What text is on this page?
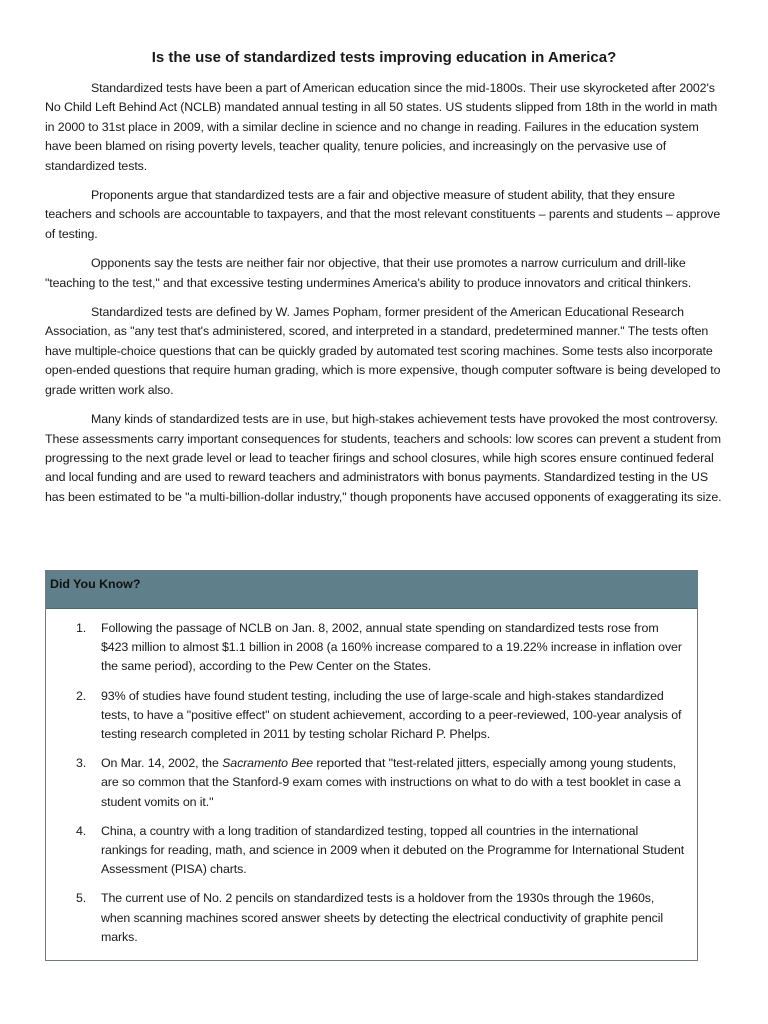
Is the use of standardized tests improving education in America?

Standardized tests have been a part of American education since the mid-1800s. Their use skyrocketed after 2002's No Child Left Behind Act (NCLB) mandated annual testing in all 50 states. US students slipped from 18th in the world in math in 2000 to 31st place in 2009, with a similar decline in science and no change in reading. Failures in the education system have been blamed on rising poverty levels, teacher quality, tenure policies, and increasingly on the pervasive use of standardized tests.

Proponents argue that standardized tests are a fair and objective measure of student ability, that they ensure teachers and schools are accountable to taxpayers, and that the most relevant constituents – parents and students – approve of testing.

Opponents say the tests are neither fair nor objective, that their use promotes a narrow curriculum and drill-like "teaching to the test," and that excessive testing undermines America's ability to produce innovators and critical thinkers.

Standardized tests are defined by W. James Popham, former president of the American Educational Research Association, as "any test that's administered, scored, and interpreted in a standard, predetermined manner." The tests often have multiple-choice questions that can be quickly graded by automated test scoring machines. Some tests also incorporate open-ended questions that require human grading, which is more expensive, though computer software is being developed to grade written work also.

Many kinds of standardized tests are in use, but high-stakes achievement tests have provoked the most controversy. These assessments carry important consequences for students, teachers and schools: low scores can prevent a student from progressing to the next grade level or lead to teacher firings and school closures, while high scores ensure continued federal and local funding and are used to reward teachers and administrators with bonus payments. Standardized testing in the US has been estimated to be "a multi-billion-dollar industry," though proponents have accused opponents of exaggerating its size.

Did You Know?
1.	Following the passage of NCLB on Jan. 8, 2002, annual state spending on standardized tests rose from $423 million to almost $1.1 billion in 2008 (a 160% increase compared to a 19.22% increase in inflation over the same period), according to the Pew Center on the States.
2.	93% of studies have found student testing, including the use of large-scale and high-stakes standardized tests, to have a "positive effect" on student achievement, according to a peer-reviewed, 100-year analysis of testing research completed in 2011 by testing scholar Richard P. Phelps.
3.	On Mar. 14, 2002, the Sacramento Bee reported that "test-related jitters, especially among young students, are so common that the Stanford-9 exam comes with instructions on what to do with a test booklet in case a student vomits on it."
4.	China, a country with a long tradition of standardized testing, topped all countries in the international rankings for reading, math, and science in 2009 when it debuted on the Programme for International Student Assessment (PISA) charts.
5.	The current use of No. 2 pencils on standardized tests is a holdover from the 1930s through the 1960s, when scanning machines scored answer sheets by detecting the electrical conductivity of graphite pencil marks.
